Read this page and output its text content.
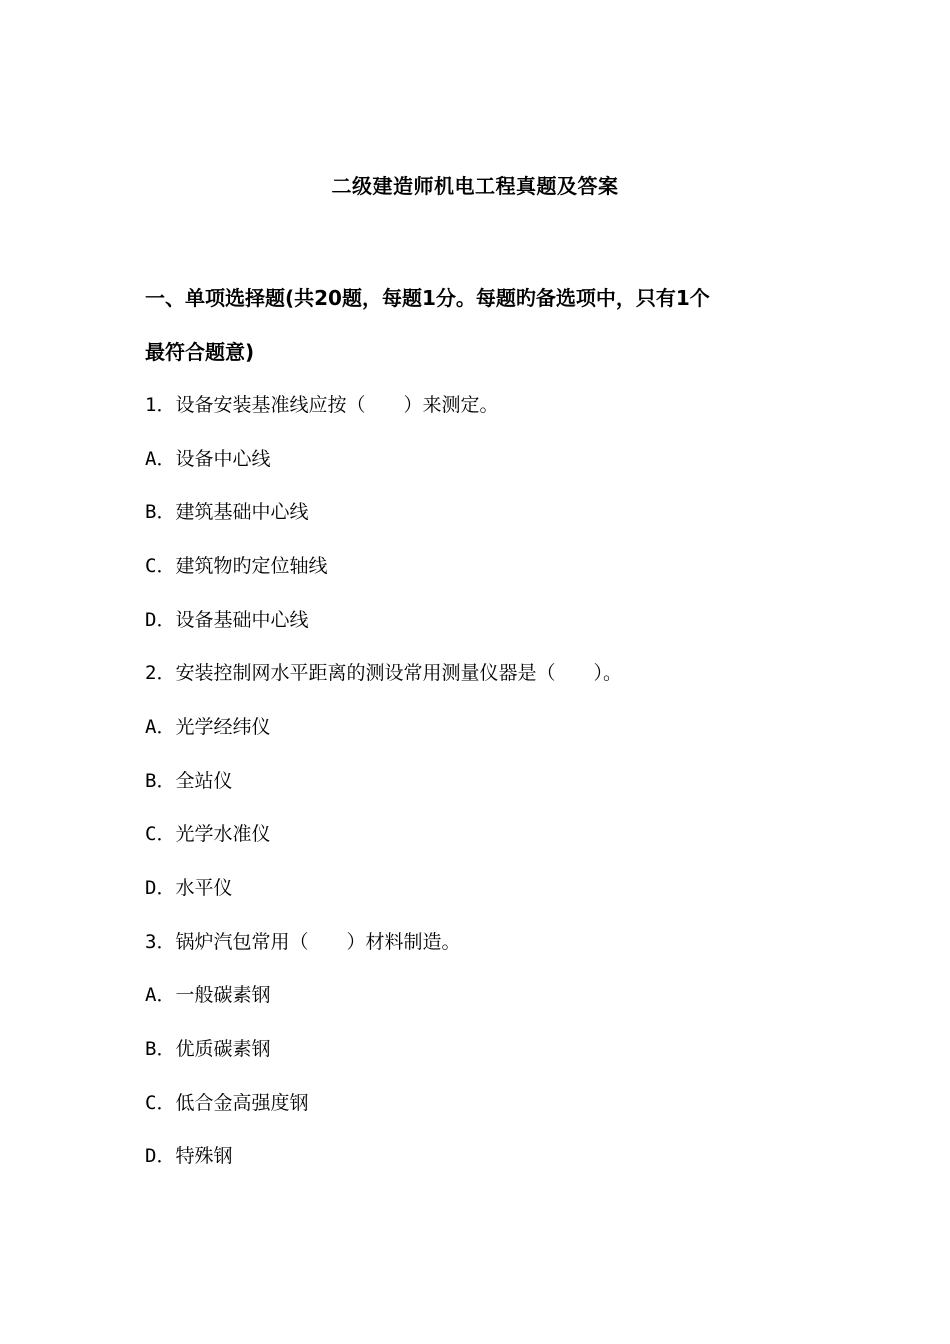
二级建造师机电工程真题及答案
一、单项选择题(共20题，每题1分。每题旳备选项中，只有1个
最符合题意)
1．设备安装基准线应按（　　）来测定。
A．设备中心线
B．建筑基础中心线
C．建筑物旳定位轴线
D．设备基础中心线
2．安装控制网水平距离的测设常用测量仪器是（　　）。
A．光学经纬仪
B．全站仪
C．光学水准仪
D．水平仪
3．锅炉汽包常用（　　）材料制造。
A．一般碳素钢
B．优质碳素钢
C．低合金高强度钢
D．特殊钢
